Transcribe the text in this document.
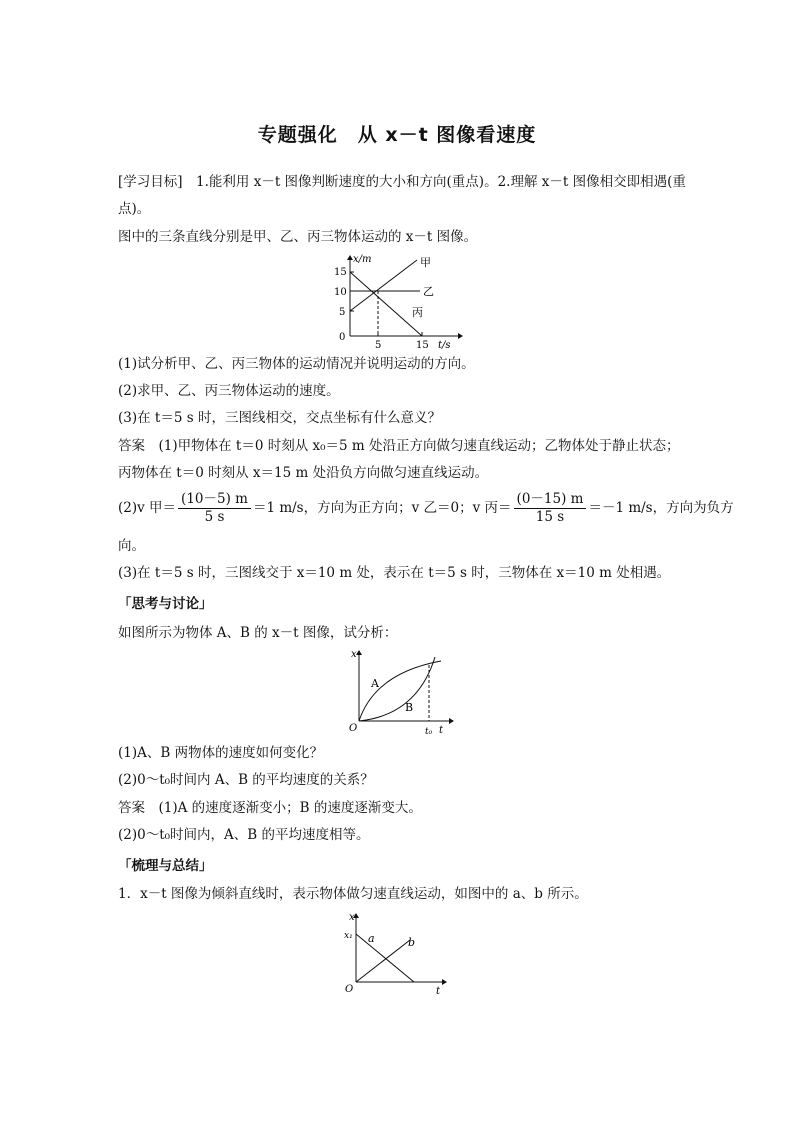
专题强化　从 x－t 图像看速度
[学习目标]　1.能利用 x－t 图像判断速度的大小和方向(重点)。2.理解 x－t 图像相交即相遇(重
点)。
图中的三条直线分别是甲、乙、丙三物体运动的 x－t 图像。
x/m
t/s
15
10
5
0
5	15
甲
乙
丙
(1)试分析甲、乙、丙三物体的运动情况并说明运动的方向。
(2)求甲、乙、丙三物体运动的速度。
(3)在 t＝5 s 时，三图线相交，交点坐标有什么意义？
答案　(1)甲物体在 t＝0 时刻从 x₀＝5 m 处沿正方向做匀速直线运动；乙物体处于静止状态；
丙物体在 t＝0 时刻从 x＝15 m 处沿负方向做匀速直线运动。
(2)v 甲＝ $\frac{(10-5) m}{5 s} =1$ m/s，方向为正方向；v 乙＝0；v 丙＝ $\frac{(0-15) m}{15 s} =-1$ m/s，方向为负方
向。
(3)在 t＝5 s 时，三图线交于 x＝10 m 处，表示在 t＝5 s 时，三物体在 x＝10 m 处相遇。
「思考与讨论」
如图所示为物体 A、B 的 x－t 图像，试分析：
x
t
O	t₀
A
B
(1)A、B 两物体的速度如何变化？
(2)0～t₀时间内 A、B 的平均速度的关系？
答案　(1)A 的速度逐渐变小；B 的速度逐渐变大。
(2)0～t₀时间内，A、B 的平均速度相等。
「梳理与总结」
1．x－t 图像为倾斜直线时，表示物体做匀速直线运动，如图中的 a、b 所示。
x
t
O
x₁ a	b
